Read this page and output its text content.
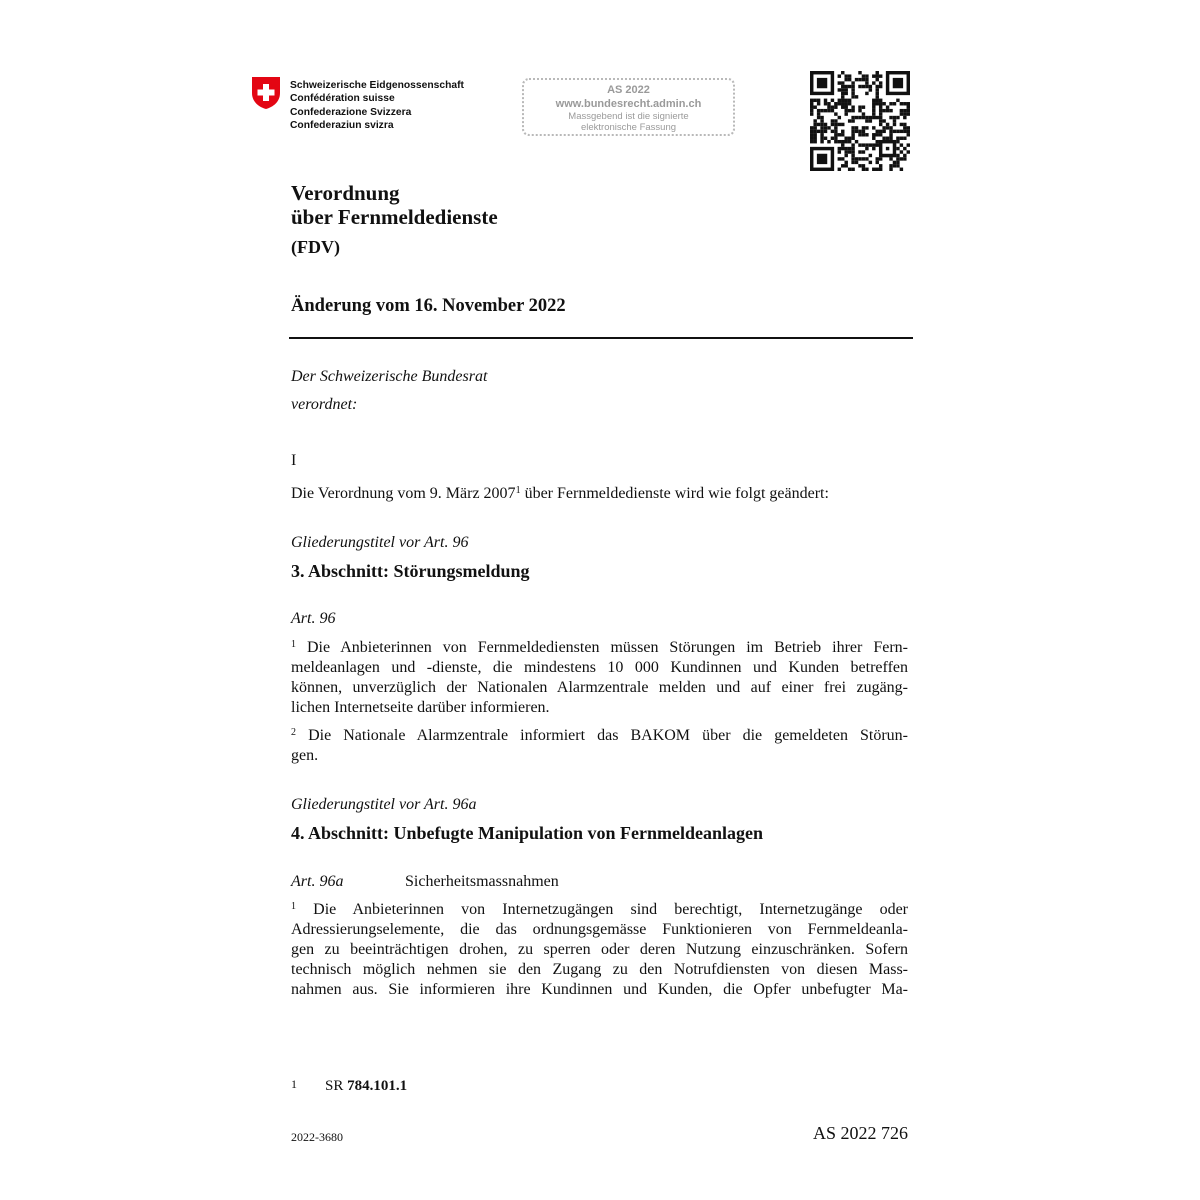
Schweizerische Eidgenossenschaft
Confédération suisse
Confederazione Svizzera
Confederaziun svizra
AS 2022
www.bundesrecht.admin.ch
Massgebend ist die signierte
elektronische Fassung
Verordnung
über Fernmeldedienste
(FDV)
Änderung vom 16. November 2022
Der Schweizerische Bundesrat
verordnet:
I
Die Verordnung vom 9. März 2007$^1$ über Fernmeldedienste wird wie folgt geändert:
Gliederungstitel vor Art. 96
3. Abschnitt: Störungsmeldung
Art. 96
$^1$ Die Anbieterinnen von Fernmeldediensten müssen Störungen im Betrieb ihrer Fern-
meldeanlagen und -dienste, die mindestens 10 000 Kundinnen und Kunden betreffen
können, unverzüglich der Nationalen Alarmzentrale melden und auf einer frei zugäng-
lichen Internetseite darüber informieren.
$^2$ Die Nationale Alarmzentrale informiert das BAKOM über die gemeldeten Störun-
gen.
Gliederungstitel vor Art. 96a
4. Abschnitt: Unbefugte Manipulation von Fernmeldeanlagen
Art. 96a	Sicherheitsmassnahmen
$^1$ Die Anbieterinnen von Internetzugängen sind berechtigt, Internetzugänge oder
Adressierungselemente, die das ordnungsgemässe Funktionieren von Fernmeldeanla-
gen zu beeinträchtigen drohen, zu sperren oder deren Nutzung einzuschränken. Sofern
technisch möglich nehmen sie den Zugang zu den Notrufdiensten von diesen Mass-
nahmen aus. Sie informieren ihre Kundinnen und Kunden, die Opfer unbefugter Ma-
1 SR 784.101.1
2022-3680	AS 2022 726
